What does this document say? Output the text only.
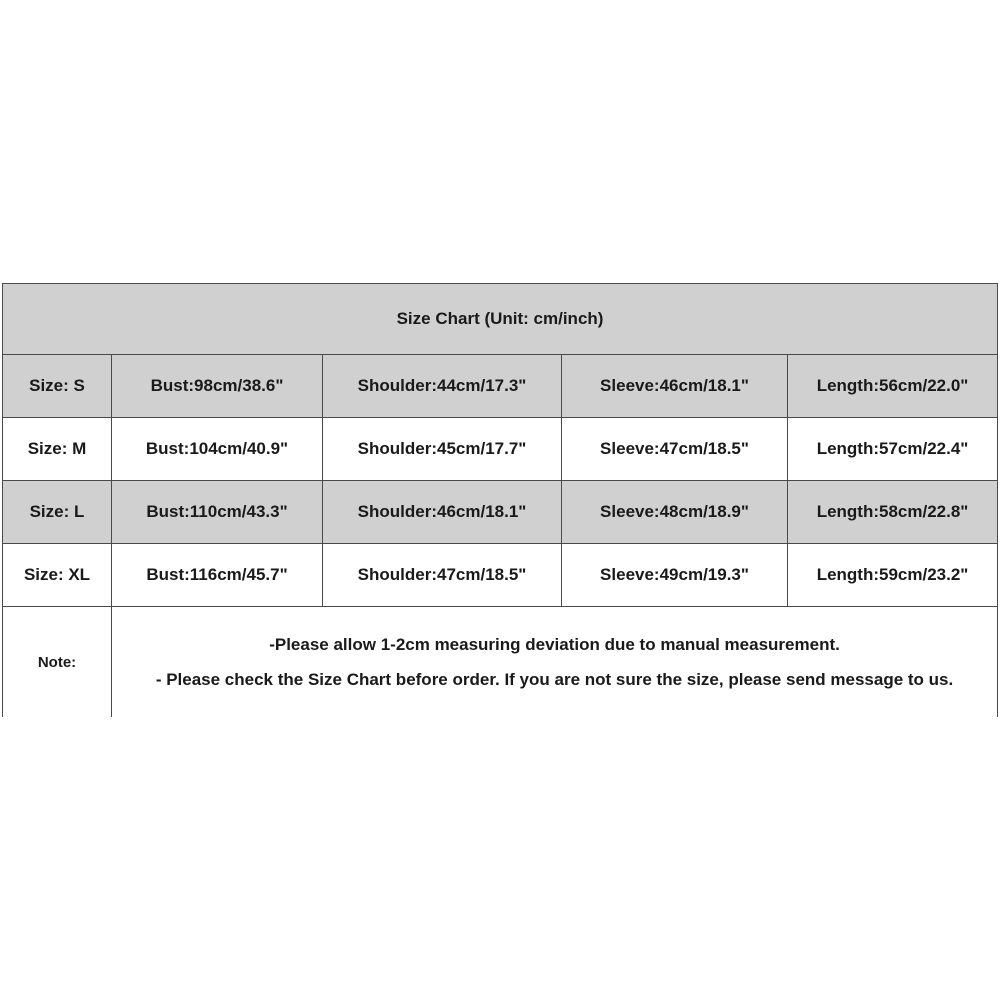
Size Chart (Unit: cm/inch)				
Size: S	Bust:98cm/38.6"	Shoulder:44cm/17.3"	Sleeve:46cm/18.1"	Length:56cm/22.0"
Size: M	Bust:104cm/40.9"	Shoulder:45cm/17.7"	Sleeve:47cm/18.5"	Length:57cm/22.4"
Size: L	Bust:110cm/43.3"	Shoulder:46cm/18.1"	Sleeve:48cm/18.9"	Length:58cm/22.8"
Size: XL	Bust:116cm/45.7"	Shoulder:47cm/18.5"	Sleeve:49cm/19.3"	Length:59cm/23.2"
Note:	-Please allow 1-2cm measuring deviation due to manual measurement.
- Please check the Size Chart before order. If you are not sure the size, please send message to us.			
